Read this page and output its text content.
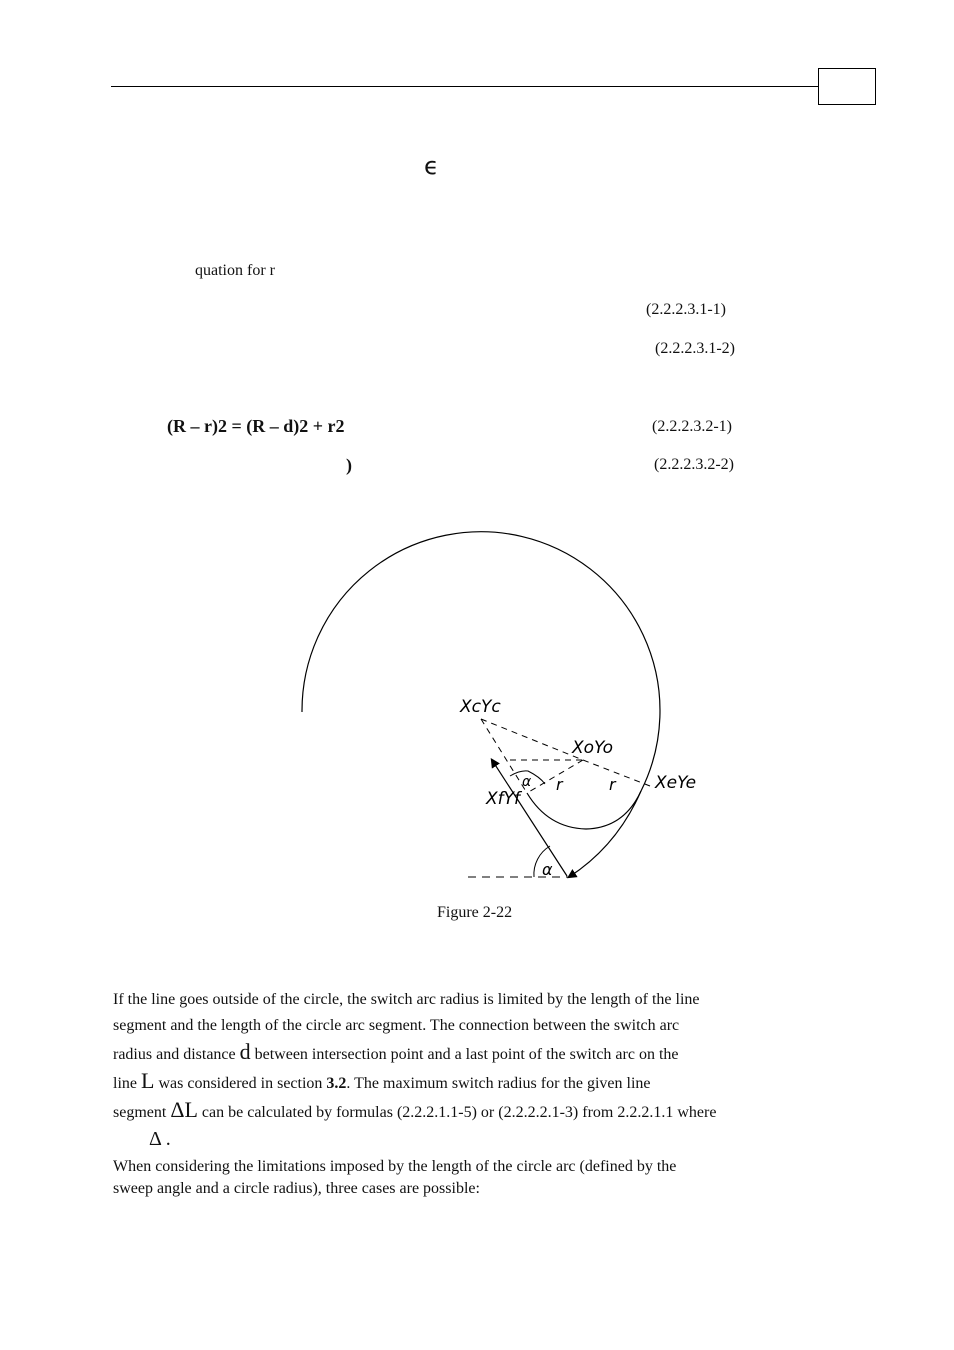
ϵ
quation for r
(2.2.2.3.1-1)
(2.2.2.3.1-2)
(R – r)2 = (R – d)2 + r2	(2.2.2.3.2-1)
)	(2.2.2.3.2-2)
XcYc
XoYo
XeYe
XfYf
α
α
r	r
Figure 2-22
If the line goes outside of the circle, the switch arc radius is limited by the length of the line
segment and the length of the circle arc segment. The connection between the switch arc
radius and distance d between intersection point and a last point of the switch arc on the
line L was considered in section 3.2. The maximum switch radius for the given line
segment ΔL can be calculated by formulas (2.2.2.1.1-5) or (2.2.2.2.1-3) from 2.2.2.1.1 where
Δ .
When considering the limitations imposed by the length of the circle arc (defined by the
sweep angle and a circle radius), three cases are possible:
